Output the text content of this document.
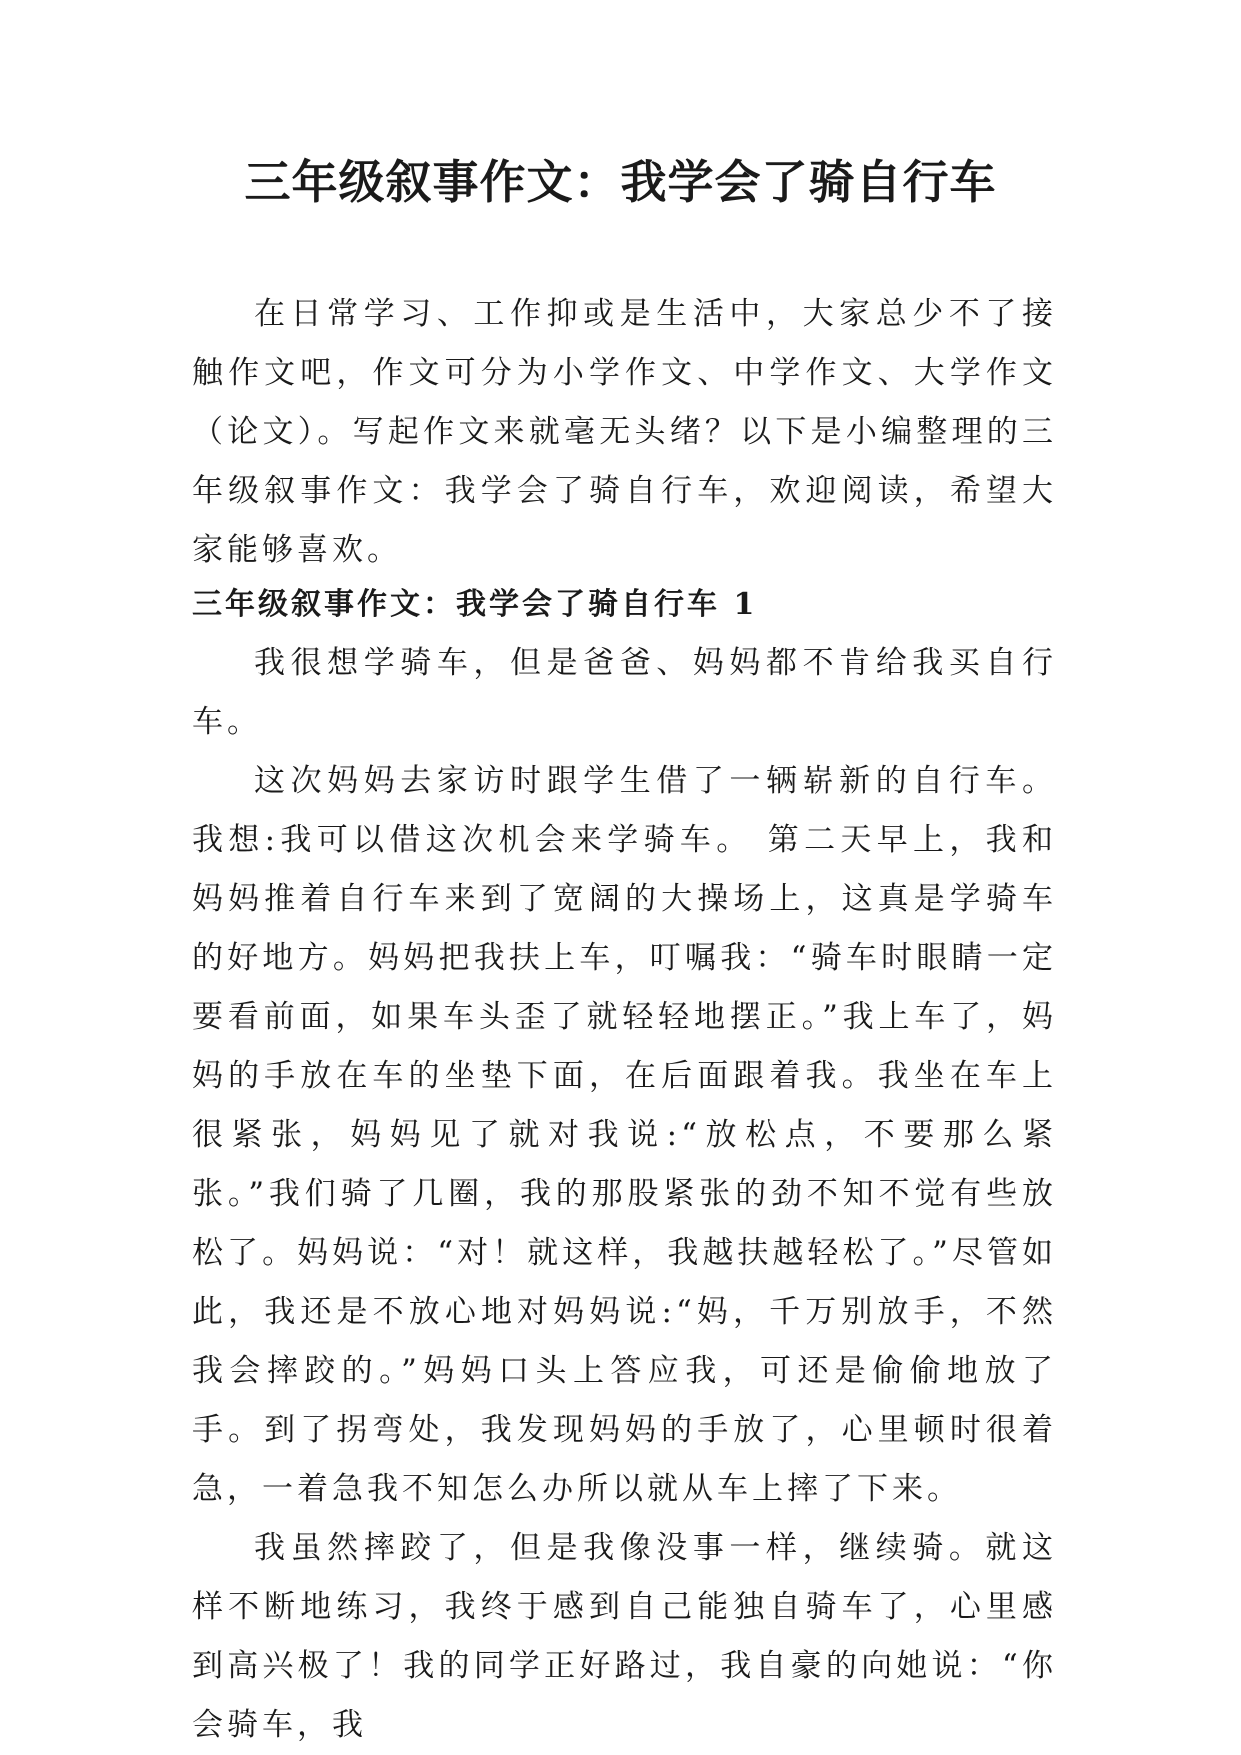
三年级叙事作文：我学会了骑自行车

在日常学习、工作抑或是生活中，大家总少不了接触作文吧，作文可分为小学作文、中学作文、大学作文（论文）。写起作文来就毫无头绪？以下是小编整理的三年级叙事作文：我学会了骑自行车，欢迎阅读，希望大家能够喜欢。

三年级叙事作文：我学会了骑自行车 1

我很想学骑车，但是爸爸、妈妈都不肯给我买自行车。

这次妈妈去家访时跟学生借了一辆崭新的自行车。我想:我可以借这次机会来学骑车。 第二天早上，我和妈妈推着自行车来到了宽阔的大操场上，这真是学骑车的好地方。妈妈把我扶上车，叮嘱我：“骑车时眼睛一定要看前面，如果车头歪了就轻轻地摆正。”我上车了，妈妈的手放在车的坐垫下面，在后面跟着我。我坐在车上很紧张，妈妈见了就对我说:“放松点，不要那么紧张。”我们骑了几圈，我的那股紧张的劲不知不觉有些放松了。妈妈说：“对！就这样，我越扶越轻松了。”尽管如此，我还是不放心地对妈妈说:“妈，千万别放手，不然我会摔跤的。”妈妈口头上答应我，可还是偷偷地放了手。到了拐弯处，我发现妈妈的手放了，心里顿时很着急，一着急我不知怎么办所以就从车上摔了下来。

我虽然摔跤了，但是我像没事一样，继续骑。就这样不断地练习，我终于感到自己能独自骑车了，心里感到高兴极了！我的同学正好路过，我自豪的向她说：“你会骑车，我
